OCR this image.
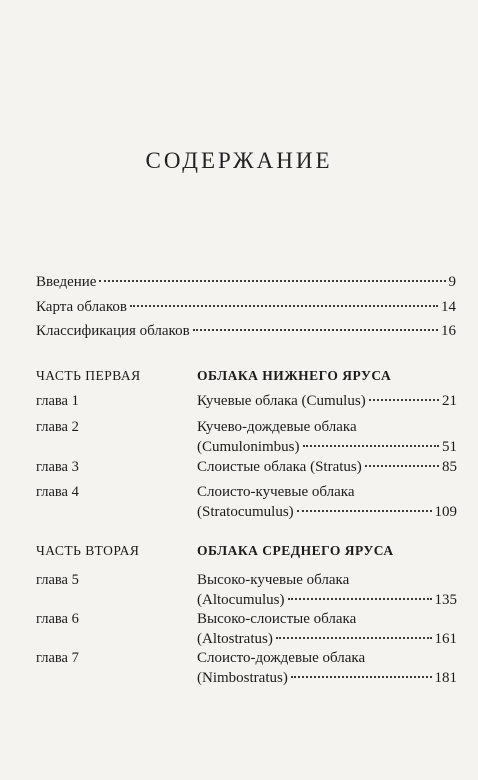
СОДЕРЖАНИЕ
Введение	9
Карта облаков	14
Классификация облаков	16
ЧАСТЬ ПЕРВАЯ	ОБЛАКА НИЖНЕГО ЯРУСА
глава 1	Кучевые облака (Cumulus)	21
глава 2	Кучево-дождевые облака
(Cumulonimbus)	51
глава 3	Слоистые облака (Stratus)	85
глава 4	Слоисто-кучевые облака
(Stratocumulus)	109
ЧАСТЬ ВТОРАЯ	ОБЛАКА СРЕДНЕГО ЯРУСА
глава 5	Высоко-кучевые облака
(Altocumulus)	135
глава 6	Высоко-слоистые облака
(Altostratus)	161
глава 7	Слоисто-дождевые облака
(Nimbostratus)	181
